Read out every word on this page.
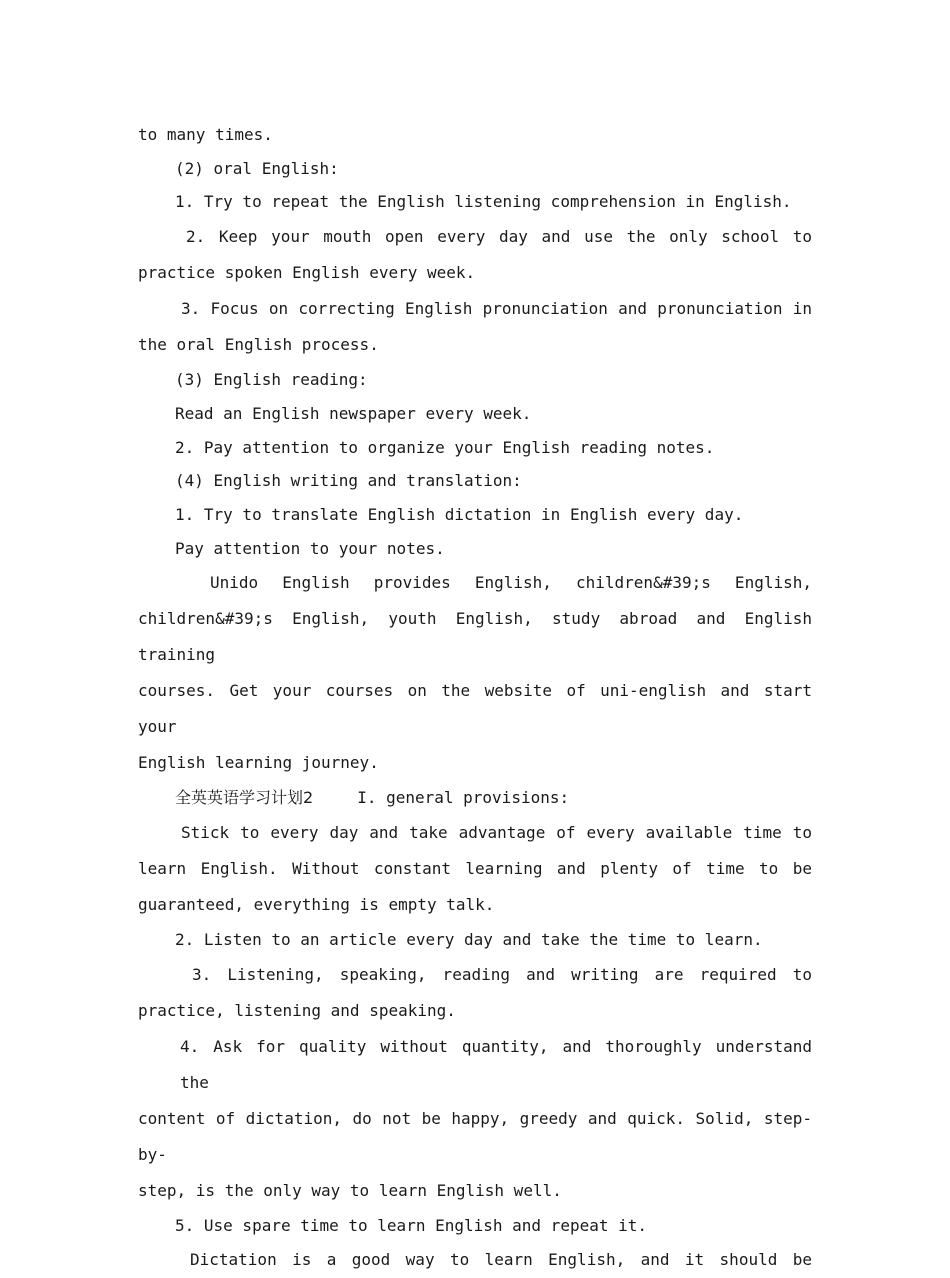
to many times.

(2) oral English:

1. Try to repeat the English listening comprehension in English.

2. Keep your mouth open every day and use the only school to
practice spoken English every week.
3. Focus on correcting English pronunciation and pronunciation in
the oral English process.

(3) English reading:

Read an English newspaper every week.

2. Pay attention to organize your English reading notes.

(4) English writing and translation:

1. Try to translate English dictation in English every day.

Pay attention to your notes.

Unido English provides English, children&#39;s English,
children&#39;s English, youth English, study abroad and English training
courses. Get your courses on the website of uni-english and start your
English learning journey.

全英英语学习计划2	I. general provisions:

Stick to every day and take advantage of every available time to
learn English. Without constant learning and plenty of time to be
guaranteed, everything is empty talk.

2. Listen to an article every day and take the time to learn.

3. Listening, speaking, reading and writing are required to
practice, listening and speaking.
4. Ask for quality without quantity, and thoroughly understand the
content of dictation, do not be happy, greedy and quick. Solid, step-by-
step, is the only way to learn English well.

5. Use spare time to learn English and repeat it.

Dictation is a good way to learn English, and it should be
